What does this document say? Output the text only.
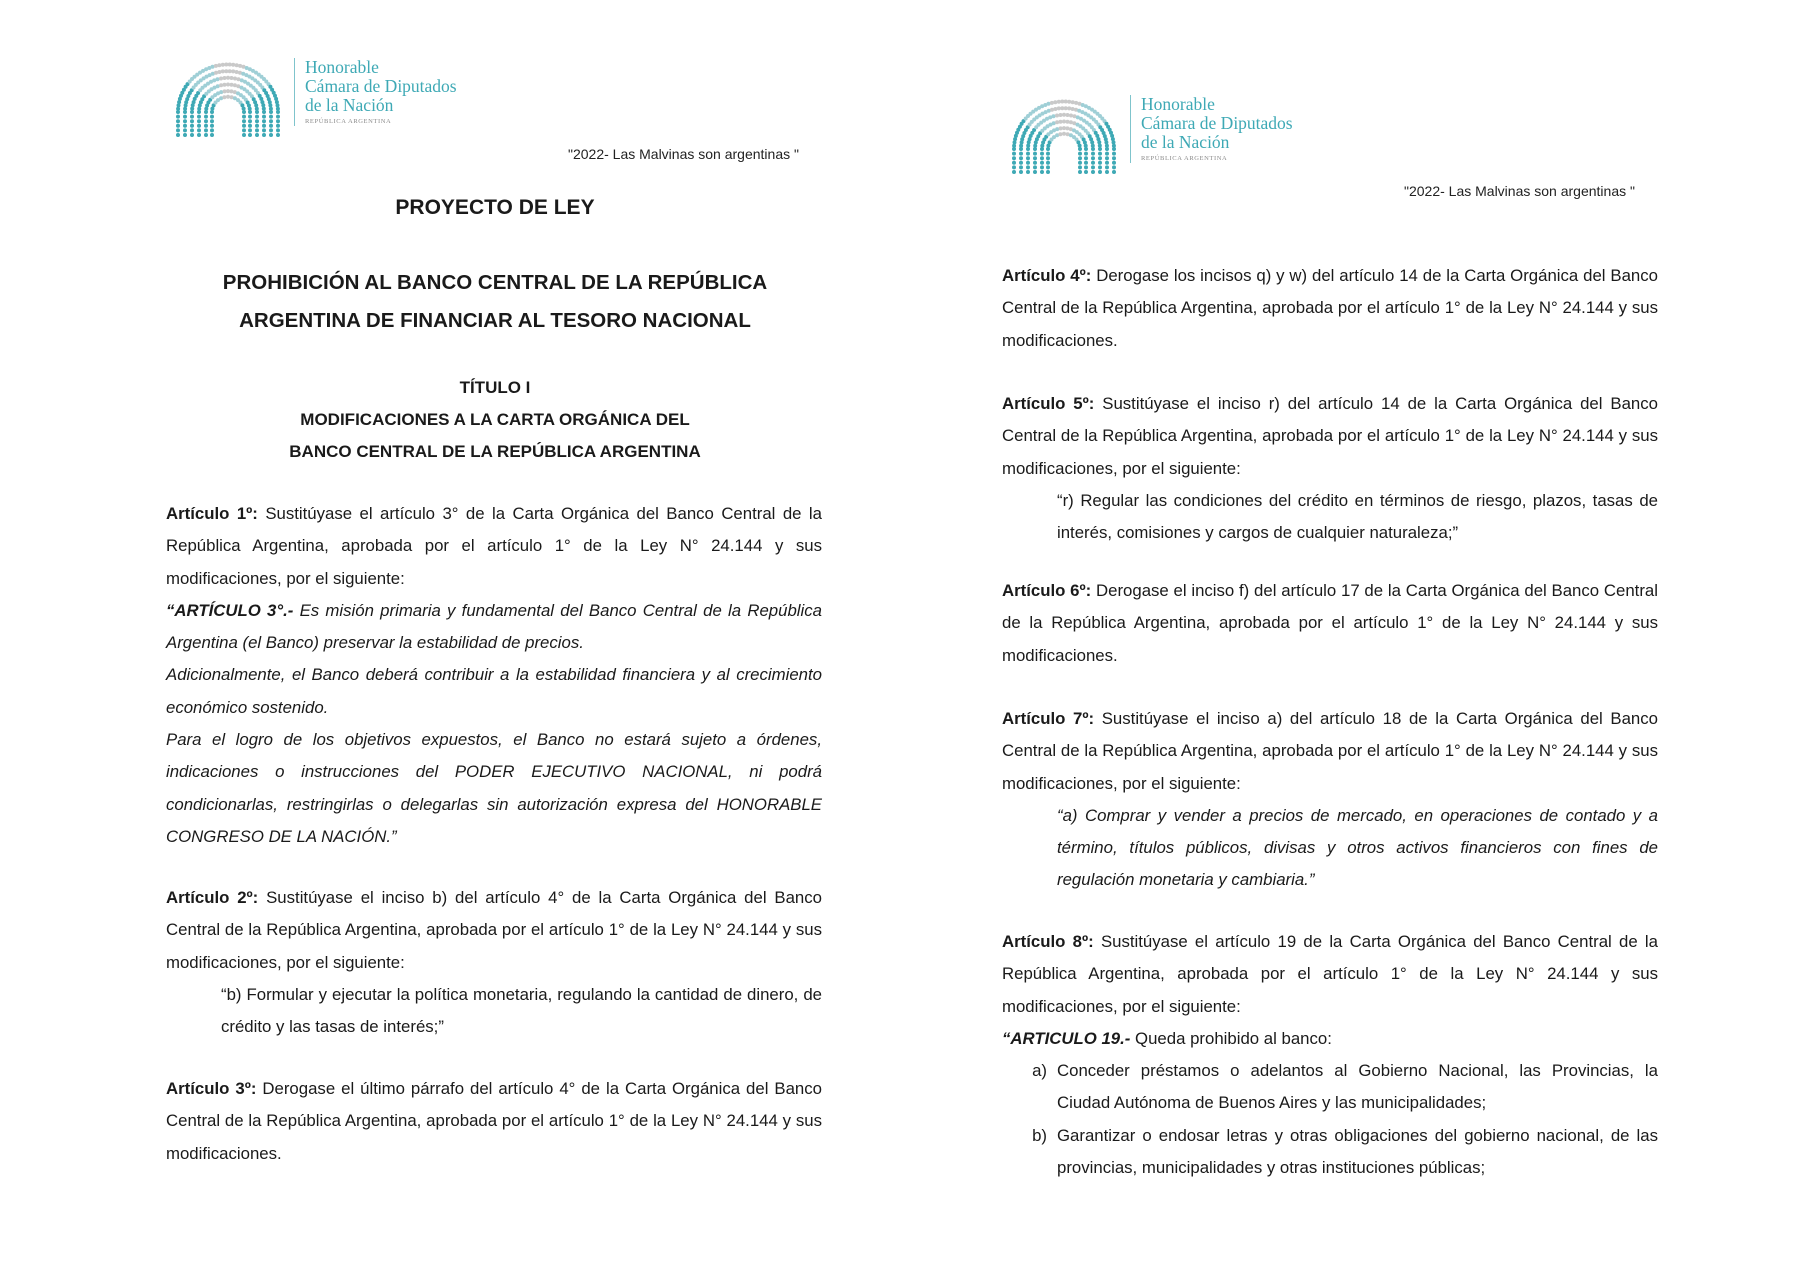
Honorable
Cámara de Diputados
de la Nación
REPÚBLICA ARGENTINA
"2022- Las Malvinas son argentinas "
PROYECTO DE LEY
PROHIBICIÓN AL BANCO CENTRAL DE LA REPÚBLICA
ARGENTINA DE FINANCIAR AL TESORO NACIONAL
TÍTULO I
MODIFICACIONES A LA CARTA ORGÁNICA DEL
BANCO CENTRAL DE LA REPÚBLICA ARGENTINA

Artículo 1º: Sustitúyase el artículo 3° de la Carta Orgánica del Banco Central de la República Argentina, aprobada por el artículo 1° de la Ley N° 24.144 y sus modificaciones, por el siguiente:

“ARTÍCULO 3°.- Es misión primaria y fundamental del Banco Central de la República Argentina (el Banco) preservar la estabilidad de precios.

Adicionalmente, el Banco deberá contribuir a la estabilidad financiera y al crecimiento económico sostenido.

Para el logro de los objetivos expuestos, el Banco no estará sujeto a órdenes, indicaciones o instrucciones del PODER EJECUTIVO NACIONAL, ni podrá condicionarlas, restringirlas o delegarlas sin autorización expresa del HONORABLE CONGRESO DE LA NACIÓN.”

Artículo 2º: Sustitúyase el inciso b) del artículo 4° de la Carta Orgánica del Banco Central de la República Argentina, aprobada por el artículo 1° de la Ley N° 24.144 y sus modificaciones, por el siguiente:

“b) Formular y ejecutar la política monetaria, regulando la cantidad de dinero, de crédito y las tasas de interés;”

Artículo 3º: Derogase el último párrafo del artículo 4° de la Carta Orgánica del Banco Central de la República Argentina, aprobada por el artículo 1° de la Ley N° 24.144 y sus modificaciones.

Honorable
Cámara de Diputados
de la Nación
REPÚBLICA ARGENTINA
"2022- Las Malvinas son argentinas "

Artículo 4º: Derogase los incisos q) y w) del artículo 14 de la Carta Orgánica del Banco Central de la República Argentina, aprobada por el artículo 1° de la Ley N° 24.144 y sus modificaciones.

Artículo 5º: Sustitúyase el inciso r) del artículo 14 de la Carta Orgánica del Banco Central de la República Argentina, aprobada por el artículo 1° de la Ley N° 24.144 y sus modificaciones, por el siguiente:

“r) Regular las condiciones del crédito en términos de riesgo, plazos, tasas de interés, comisiones y cargos de cualquier naturaleza;”

Artículo 6º: Derogase el inciso f) del artículo 17 de la Carta Orgánica del Banco Central de la República Argentina, aprobada por el artículo 1° de la Ley N° 24.144 y sus modificaciones.

Artículo 7º: Sustitúyase el inciso a) del artículo 18 de la Carta Orgánica del Banco Central de la República Argentina, aprobada por el artículo 1° de la Ley N° 24.144 y sus modificaciones, por el siguiente:

“a) Comprar y vender a precios de mercado, en operaciones de contado y a término, títulos públicos, divisas y otros activos financieros con fines de regulación monetaria y cambiaria.”

Artículo 8º: Sustitúyase el artículo 19 de la Carta Orgánica del Banco Central de la República Argentina, aprobada por el artículo 1° de la Ley N° 24.144 y sus modificaciones, por el siguiente:

“ARTICULO 19.- Queda prohibido al banco:

a) Conceder préstamos o adelantos al Gobierno Nacional, las Provincias, la Ciudad Autónoma de Buenos Aires y las municipalidades;
b) Garantizar o endosar letras y otras obligaciones del gobierno nacional, de las provincias, municipalidades y otras instituciones públicas;
